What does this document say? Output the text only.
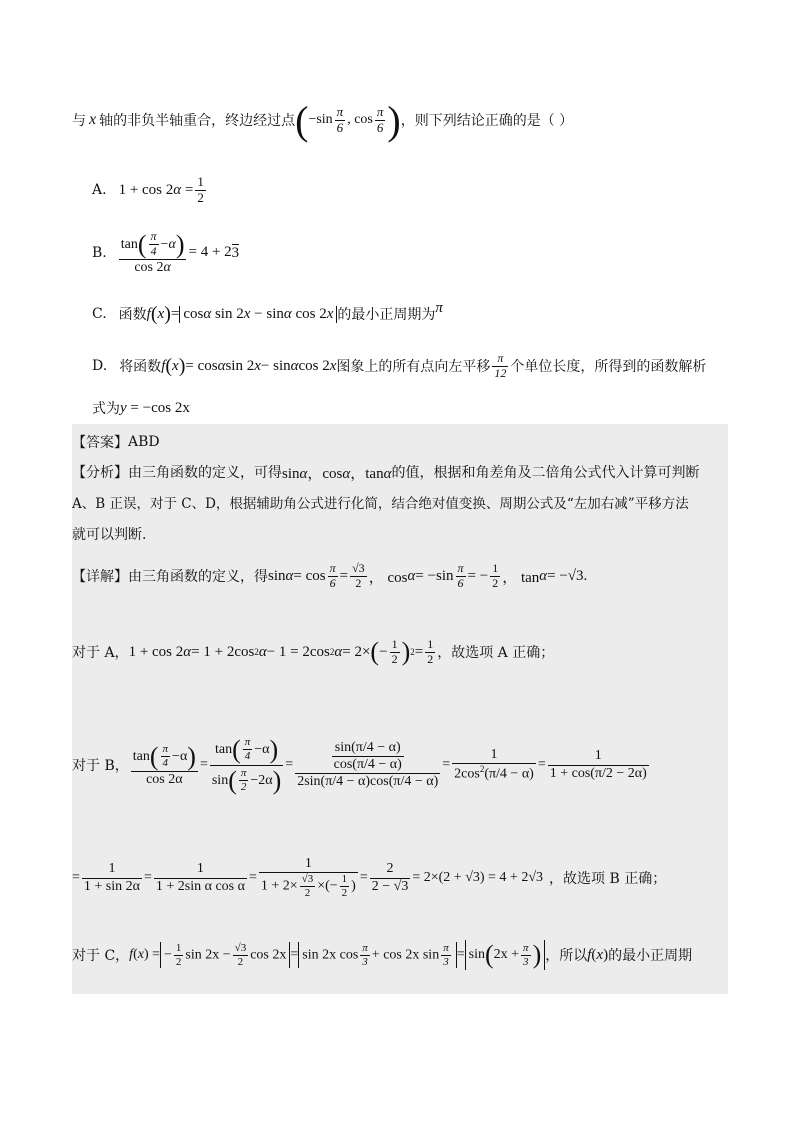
与 x 轴的非负半轴重合，终边经过点 ( $-\sin \frac{\pi}{6}$ , $\cos \frac{\pi}{6}$ ) ，则下列结论正确的是（ ）
A. 1 + cos 2 $\alpha = \frac{1}{2}$
B. $\frac{\tan( \frac{\pi}{4} -\alpha)}{\cos 2\alpha} = 4 + 2$ 3
C. 函数 f ( x ) = cosα sin 2x − sinα cos 2x 的最小正周期为 π
D. 将函数 f ( x ) = cos α sin 2 x − sin α cos 2 x 图象上的所有点向左平移 $\frac{\pi}{12}$ 个单位长度，所得到的函数解析
式为 y = −cos 2x
【答案】 ABD
【分析】 由三角函数的定义，可得 sinα，cosα，tanα 的值，根据和角差角及二倍角公式代入计算可判断
A、B 正误，对于 C、D，根据辅助角公式进行化简，结合绝对值变换、周期公式及“左加右减”平移方法
就可以判断.
【详解】 由三角函数的定义，得 $\sin \alpha = \cos \frac{\pi}{6} = \frac{√3}{2}$ ， $\cos \alpha = -\sin \frac{\pi}{6}$ = − $\frac{1}{2}$ ， tan α = −√3.
对于 A， 1 + cos 2 α = 1 + 2cos 2 α − 1 = 2cos 2 α = 2× ( − $\frac{1}{2}$ ) $2 = \frac{1}{2}$ ，故选项 A 正确；
对于 B， $\frac{\tan( \frac{\pi}{4} -\alpha)}{\cos 2\alpha} = \frac{\tan( \frac{\pi}{4} -\alpha)}{\sin( \frac{\pi}{2} -2\alpha)} = \frac{\frac{\sin(\pi/4 - \alpha)}{\cos(\pi/4 - \alpha)}}{2\sin(\pi/4 - \alpha)\cos(\pi/4 - \alpha)} = \frac{1}{2\cos^2(\pi/4 - \alpha)} = \frac{1}{1 + \cos(\pi/2 - 2\alpha)}$
= $\frac{1}{1 + \sin 2\alpha} = \frac{1}{\text{1 + 2sin α cos α}} = \frac{1}{1 + 2\times \frac{√3}{2} \times(- \frac{1}{2} )} = \frac{2}{2 - √3} = 2\times(2 + √3) = 4 + 2√3$ ，故选项 B 正确；
对于 C， f ( x ) = − $\frac{1}{2}$ $\sin 2x - \frac{√3}{2}$ cos 2x = sin 2x $\cos \frac{\pi}{3} + \cos 2x$ $\sin \frac{\pi}{3} = \sin(2x + \frac{\pi}{3}$ ) ，所以 f(x) 的最小正周期
